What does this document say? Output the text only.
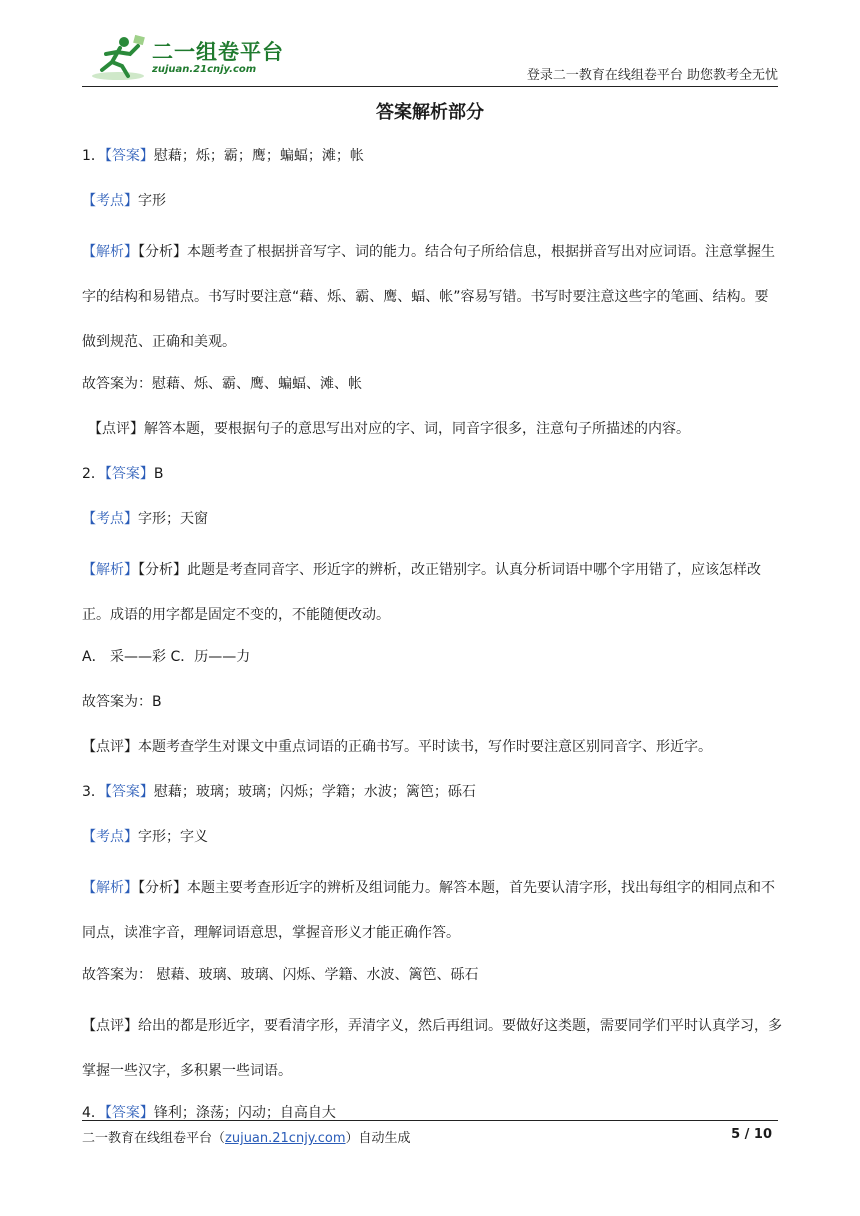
二一组卷平台
zujuan.21cnjy.com	登录二一教育在线组卷平台 助您教考全无忧
答案解析部分

1．【答案】慰藉；烁；霸；鹰；蝙蝠；滩；帐

【考点】字形

【解析】【分析】本题考查了根据拼音写字、词的能力。结合句子所给信息，根据拼音写出对应词语。注意掌握生字的结构和易错点。书写时要注意“藉、烁、霸、鹰、蝠、帐”容易写错。书写时要注意这些字的笔画、结构。要做到规范、正确和美观。

故答案为：慰藉、烁、霸、鹰、蝙蝠、滩、帐

【点评】解答本题，要根据句子的意思写出对应的字、词，同音字很多，注意句子所描述的内容。

2．【答案】B

【考点】字形；天窗

【解析】【分析】此题是考查同音字、形近字的辨析，改正错别字。认真分析词语中哪个字用错了，应该怎样改正。成语的用字都是固定不变的，不能随便改动。

A． 采——彩 C．历——力

故答案为：B

【点评】本题考查学生对课文中重点词语的正确书写。平时读书，写作时要注意区别同音字、形近字。

3．【答案】慰藉；玻璃；玻璃；闪烁；学籍；水波；篱笆；砾石

【考点】字形；字义

【解析】【分析】本题主要考查形近字的辨析及组词能力。解答本题，首先要认清字形，找出每组字的相同点和不同点，读准字音，理解词语意思，掌握音形义才能正确作答。

故答案为： 慰藉、玻璃、玻璃、闪烁、学籍、水波、篱笆、砾石

【点评】给出的都是形近字，要看清字形，弄清字义，然后再组词。要做好这类题，需要同学们平时认真学习，多掌握一些汉字，多积累一些词语。

4．【答案】锋利；涤荡；闪动；自高自大

二一教育在线组卷平台（zujuan.21cnjy.com）自动生成	5 / 10
